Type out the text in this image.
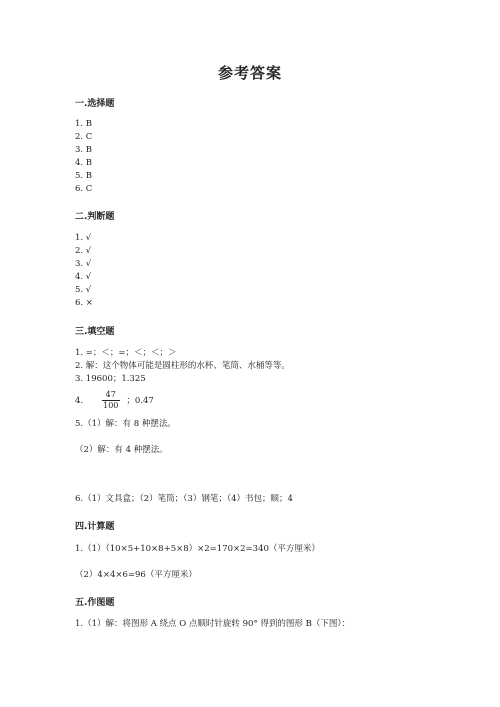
参考答案
一.选择题
1. B
2. C
3. B
4. B
5. B
6. C
二.判断题
1. √
2. √
3. √
4. √
5. √
6. ×
三.填空题
1. =；＜；=；＜；＜；＞
2. 解：这个物体可能是圆柱形的水杯、笔筒、水桶等等。
3. 19600；1.325
4. $\frac{47}{100}$ ；0.47
5.（1）解：有 8 种摆法。
（2）解：有 4 种摆法。
6.（1）文具盒；（2）笔筒；（3）钢笔；（4）书包；顺；4
四.计算题
1.（1）（10×5+10×8+5×8）×2=170×2=340（平方厘米）
（2）4×4×6=96（平方厘米）
五.作图题
1.（1）解：将图形 A 绕点 O 点顺时针旋转 90° 得到的图形 B（下图）：
